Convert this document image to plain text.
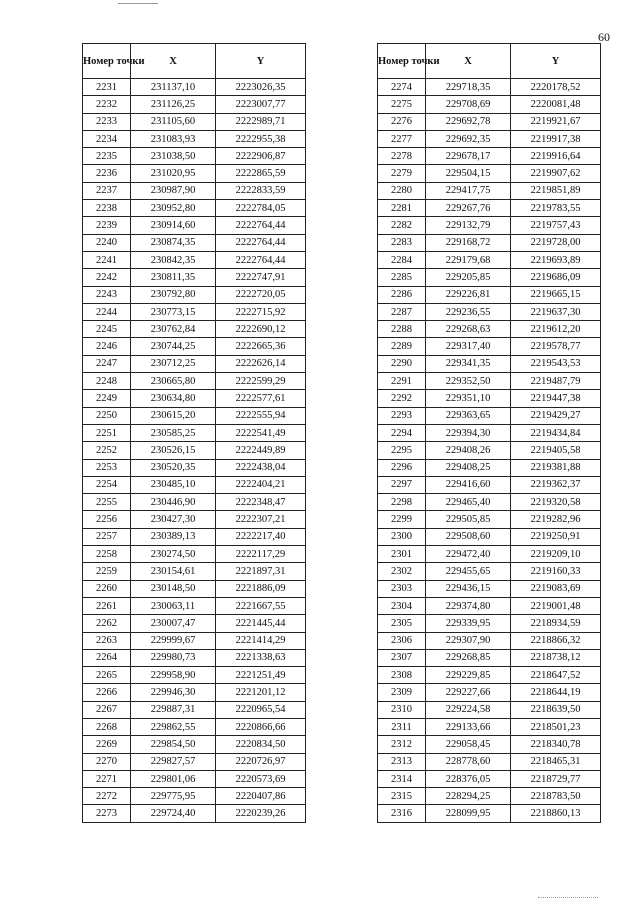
60
Номер точки	X	Y
2231	231137,10	2223026,35
2232	231126,25	2223007,77
2233	231105,60	2222989,71
2234	231083,93	2222955,38
2235	231038,50	2222906,87
2236	231020,95	2222865,59
2237	230987,90	2222833,59
2238	230952,80	2222784,05
2239	230914,60	2222764,44
2240	230874,35	2222764,44
2241	230842,35	2222764,44
2242	230811,35	2222747,91
2243	230792,80	2222720,05
2244	230773,15	2222715,92
2245	230762,84	2222690,12
2246	230744,25	2222665,36
2247	230712,25	2222626,14
2248	230665,80	2222599,29
2249	230634,80	2222577,61
2250	230615,20	2222555,94
2251	230585,25	2222541,49
2252	230526,15	2222449,89
2253	230520,35	2222438,04
2254	230485,10	2222404,21
2255	230446,90	2222348,47
2256	230427,30	2222307,21
2257	230389,13	2222217,40
2258	230274,50	2222117,29
2259	230154,61	2221897,31
2260	230148,50	2221886,09
2261	230063,11	2221667,55
2262	230007,47	2221445,44
2263	229999,67	2221414,29
2264	229980,73	2221338,63
2265	229958,90	2221251,49
2266	229946,30	2221201,12
2267	229887,31	2220965,54
2268	229862,55	2220866,66
2269	229854,50	2220834,50
2270	229827,57	2220726,97
2271	229801,06	2220573,69
2272	229775,95	2220407,86
2273	229724,40	2220239,26
Номер точки	X	Y
2274	229718,35	2220178,52
2275	229708,69	2220081,48
2276	229692,78	2219921,67
2277	229692,35	2219917,38
2278	229678,17	2219916,64
2279	229504,15	2219907,62
2280	229417,75	2219851,89
2281	229267,76	2219783,55
2282	229132,79	2219757,43
2283	229168,72	2219728,00
2284	229179,68	2219693,89
2285	229205,85	2219686,09
2286	229226,81	2219665,15
2287	229236,55	2219637,30
2288	229268,63	2219612,20
2289	229317,40	2219578,77
2290	229341,35	2219543,53
2291	229352,50	2219487,79
2292	229351,10	2219447,38
2293	229363,65	2219429,27
2294	229394,30	2219434,84
2295	229408,26	2219405,58
2296	229408,25	2219381,88
2297	229416,60	2219362,37
2298	229465,40	2219320,58
2299	229505,85	2219282,96
2300	229508,60	2219250,91
2301	229472,40	2219209,10
2302	229455,65	2219160,33
2303	229436,15	2219083,69
2304	229374,80	2219001,48
2305	229339,95	2218934,59
2306	229307,90	2218866,32
2307	229268,85	2218738,12
2308	229229,85	2218647,52
2309	229227,66	2218644,19
2310	229224,58	2218639,50
2311	229133,66	2218501,23
2312	229058,45	2218340,78
2313	228778,60	2218465,31
2314	228376,05	2218729,77
2315	228294,25	2218783,50
2316	228099,95	2218860,13
